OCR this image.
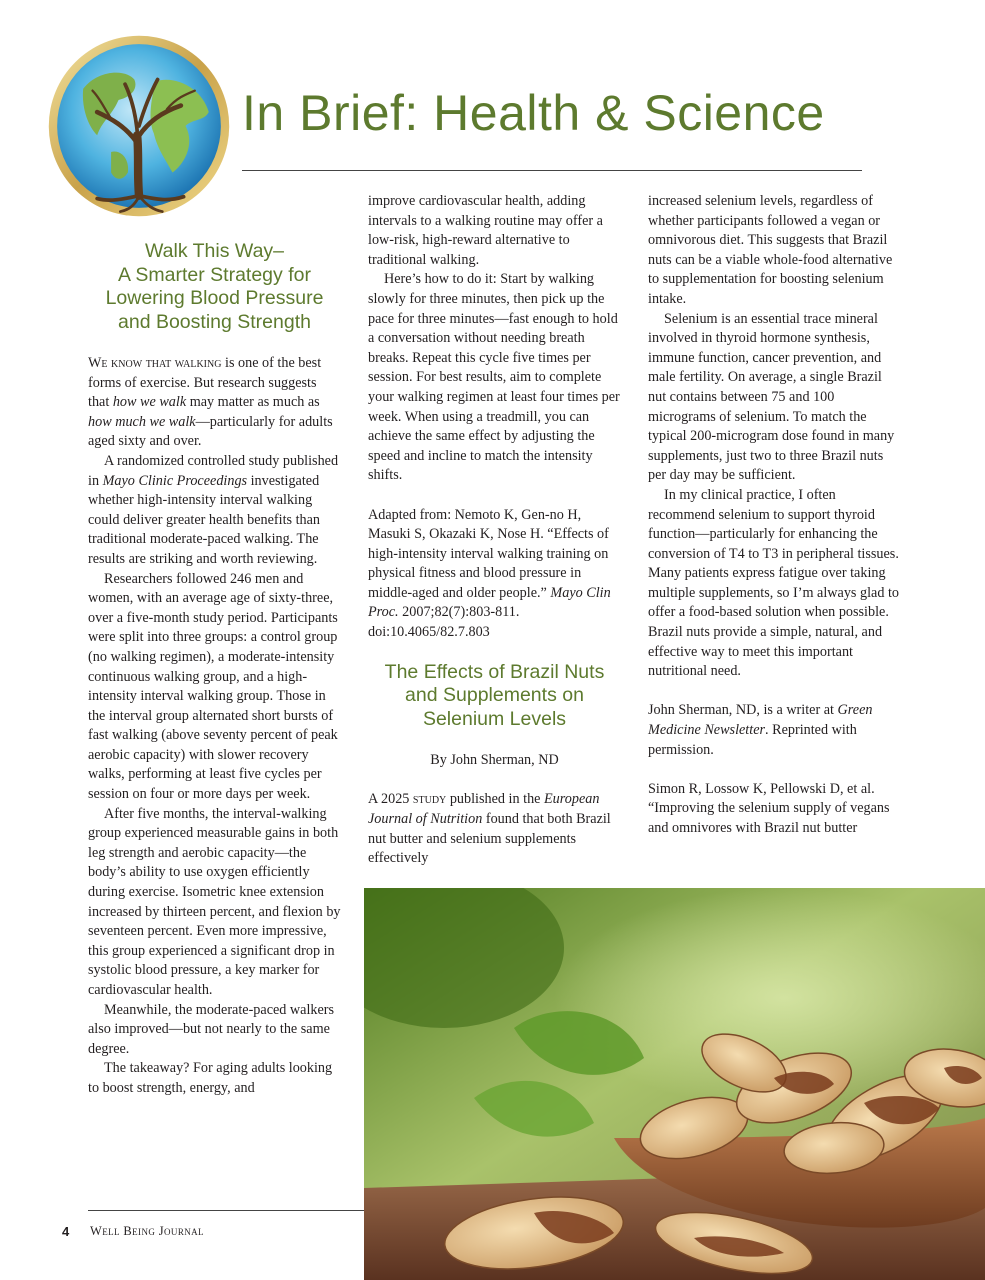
In Brief: Health & Science
Walk This Way–
A Smarter Strategy for
Lowering Blood Pressure
and Boosting Strength

We know that walking is one of the best forms of exercise. But research suggests that how we walk may matter as much as how much we walk—particularly for adults aged sixty and over.

A randomized controlled study published in Mayo Clinic Proceedings investigated whether high-intensity interval walking could deliver greater health benefits than traditional moderate-paced walking. The results are striking and worth reviewing.

Researchers followed 246 men and women, with an average age of sixty-three, over a five-month study period. Participants were split into three groups: a control group (no walking regimen), a moderate-intensity continuous walking group, and a high-intensity interval walking group. Those in the interval group alternated short bursts of fast walking (above seventy percent of peak aerobic capacity) with slower recovery walks, performing at least five cycles per session on four or more days per week.

After five months, the interval-walking group experienced measurable gains in both leg strength and aerobic capacity—the body’s ability to use oxygen efficiently during exercise. Isometric knee extension increased by thirteen percent, and flexion by seventeen percent. Even more impressive, this group experienced a significant drop in systolic blood pressure, a key marker for cardiovascular health.

Meanwhile, the moderate-paced walkers also improved—but not nearly to the same degree.

The takeaway? For aging adults looking to boost strength, energy, and

improve cardiovascular health, adding intervals to a walking routine may offer a low-risk, high-reward alternative to traditional walking.

Here’s how to do it: Start by walking slowly for three minutes, then pick up the pace for three minutes—fast enough to hold a conversation without needing breath breaks. Repeat this cycle five times per session. For best results, aim to complete your walking regimen at least four times per week. When using a treadmill, you can achieve the same effect by adjusting the speed and incline to match the intensity shifts.

Adapted from: Nemoto K, Gen-no H, Masuki S, Okazaki K, Nose H. “Effects of high-intensity interval walking training on physical fitness and blood pressure in middle-aged and older people.” Mayo Clin Proc. 2007;82(7):803-811. doi:10.4065/82.7.803

The Effects of Brazil Nuts
and Supplements on
Selenium Levels

By John Sherman, ND

A 2025 study published in the European Journal of Nutrition found that both Brazil nut butter and selenium supplements effectively

increased selenium levels, regardless of whether participants followed a vegan or omnivorous diet. This suggests that Brazil nuts can be a viable whole-food alternative to supplementation for boosting selenium intake.

Selenium is an essential trace mineral involved in thyroid hormone synthesis, immune function, cancer prevention, and male fertility. On average, a single Brazil nut contains between 75 and 100 micrograms of selenium. To match the typical 200-microgram dose found in many supplements, just two to three Brazil nuts per day may be sufficient.

In my clinical practice, I often recommend selenium to support thyroid function—particularly for enhancing the conversion of T4 to T3 in peripheral tissues. Many patients express fatigue over taking multiple supplements, so I’m always glad to offer a food-based solution when possible. Brazil nuts provide a simple, natural, and effective way to meet this important nutritional need.

John Sherman, ND, is a writer at Green Medicine Newsletter. Reprinted with permission.

Simon R, Lossow K, Pellowski D, et al. “Improving the selenium supply of vegans and omnivores with Brazil nut butter

4 Well Being Journal
